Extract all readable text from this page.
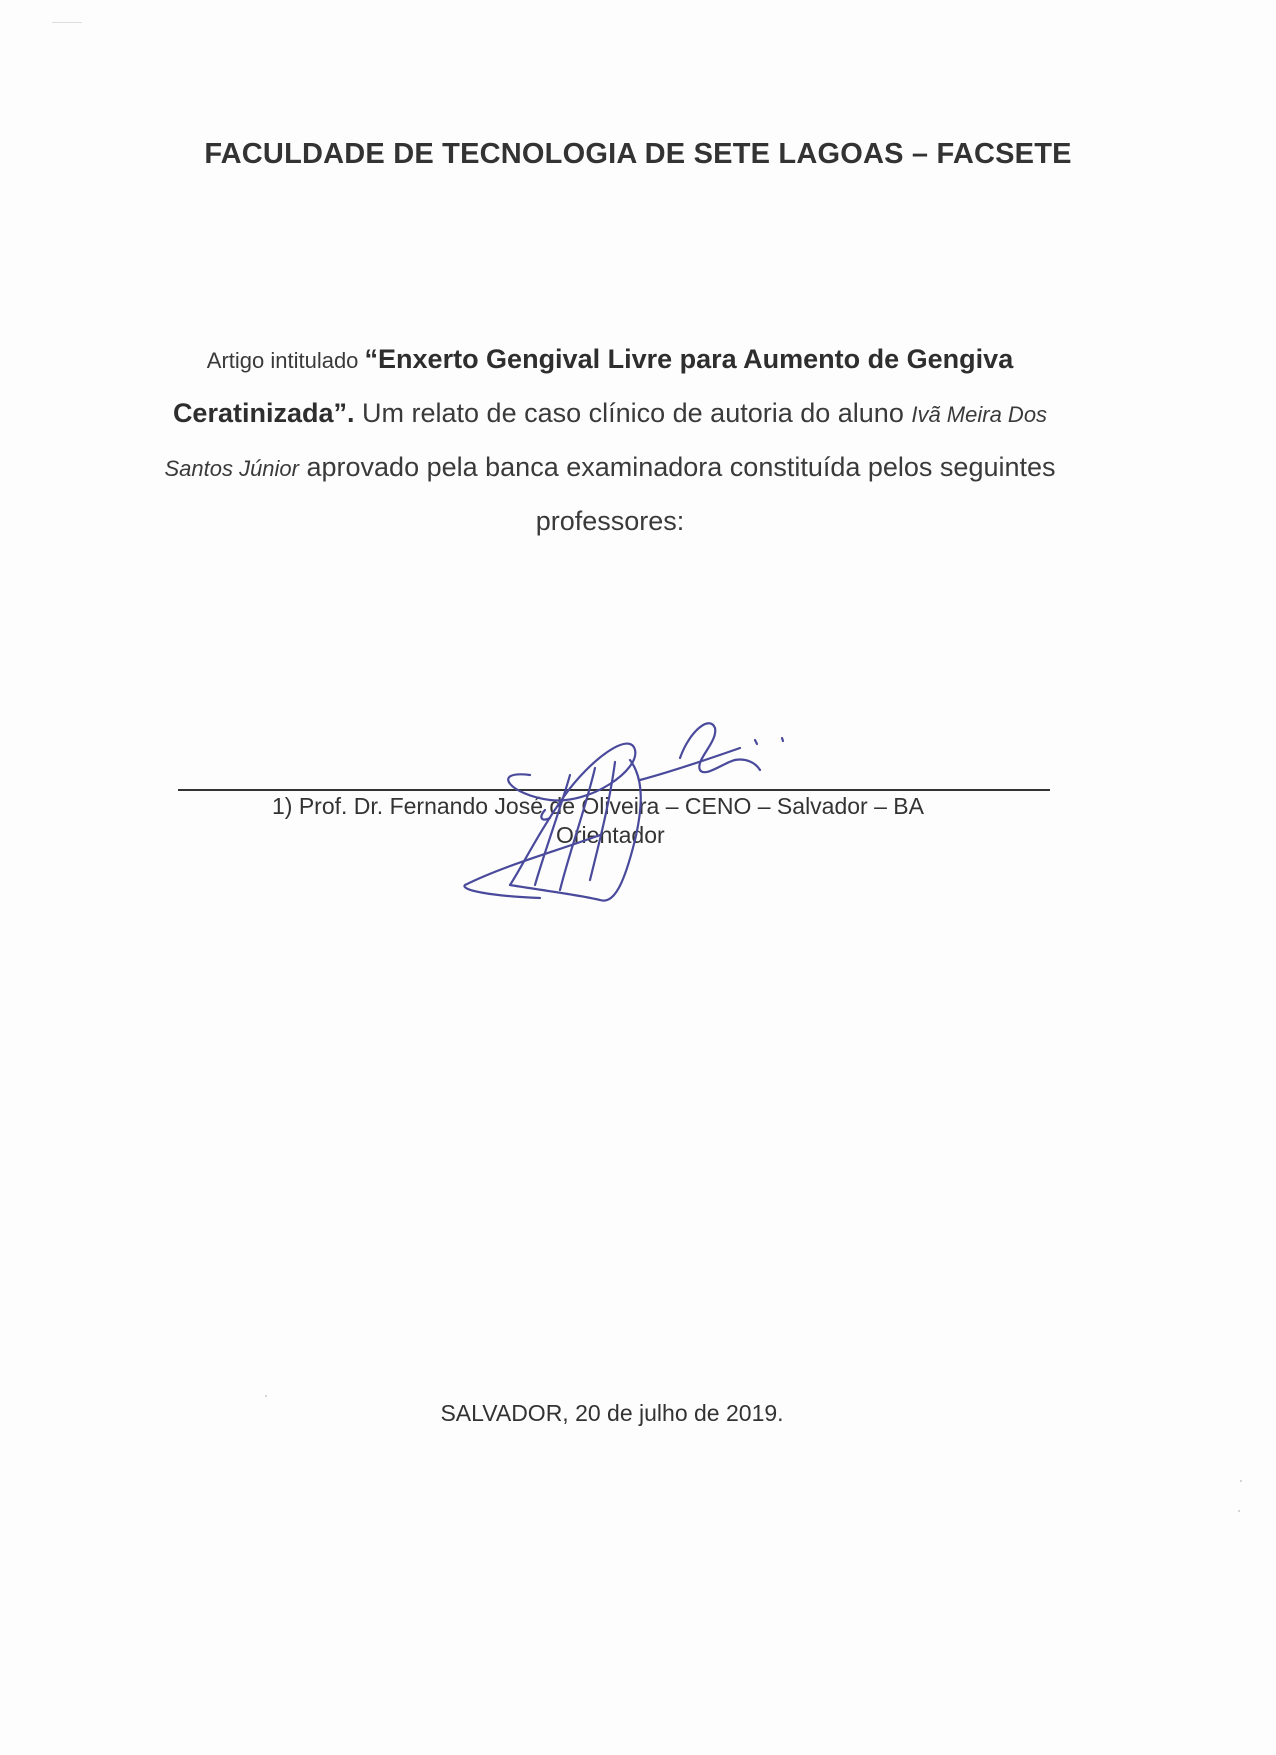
FACULDADE DE TECNOLOGIA DE SETE LAGOAS – FACSETE
Artigo intitulado “Enxerto Gengival Livre para Aumento de Gengiva Ceratinizada”. Um relato de caso clínico de autoria do aluno Ivã Meira Dos Santos Júnior aprovado pela banca examinadora constituída pelos seguintes professores:
1) Prof. Dr. Fernando José de Oliveira – CENO – Salvador – BA
Orientador
SALVADOR, 20 de julho de 2019.
